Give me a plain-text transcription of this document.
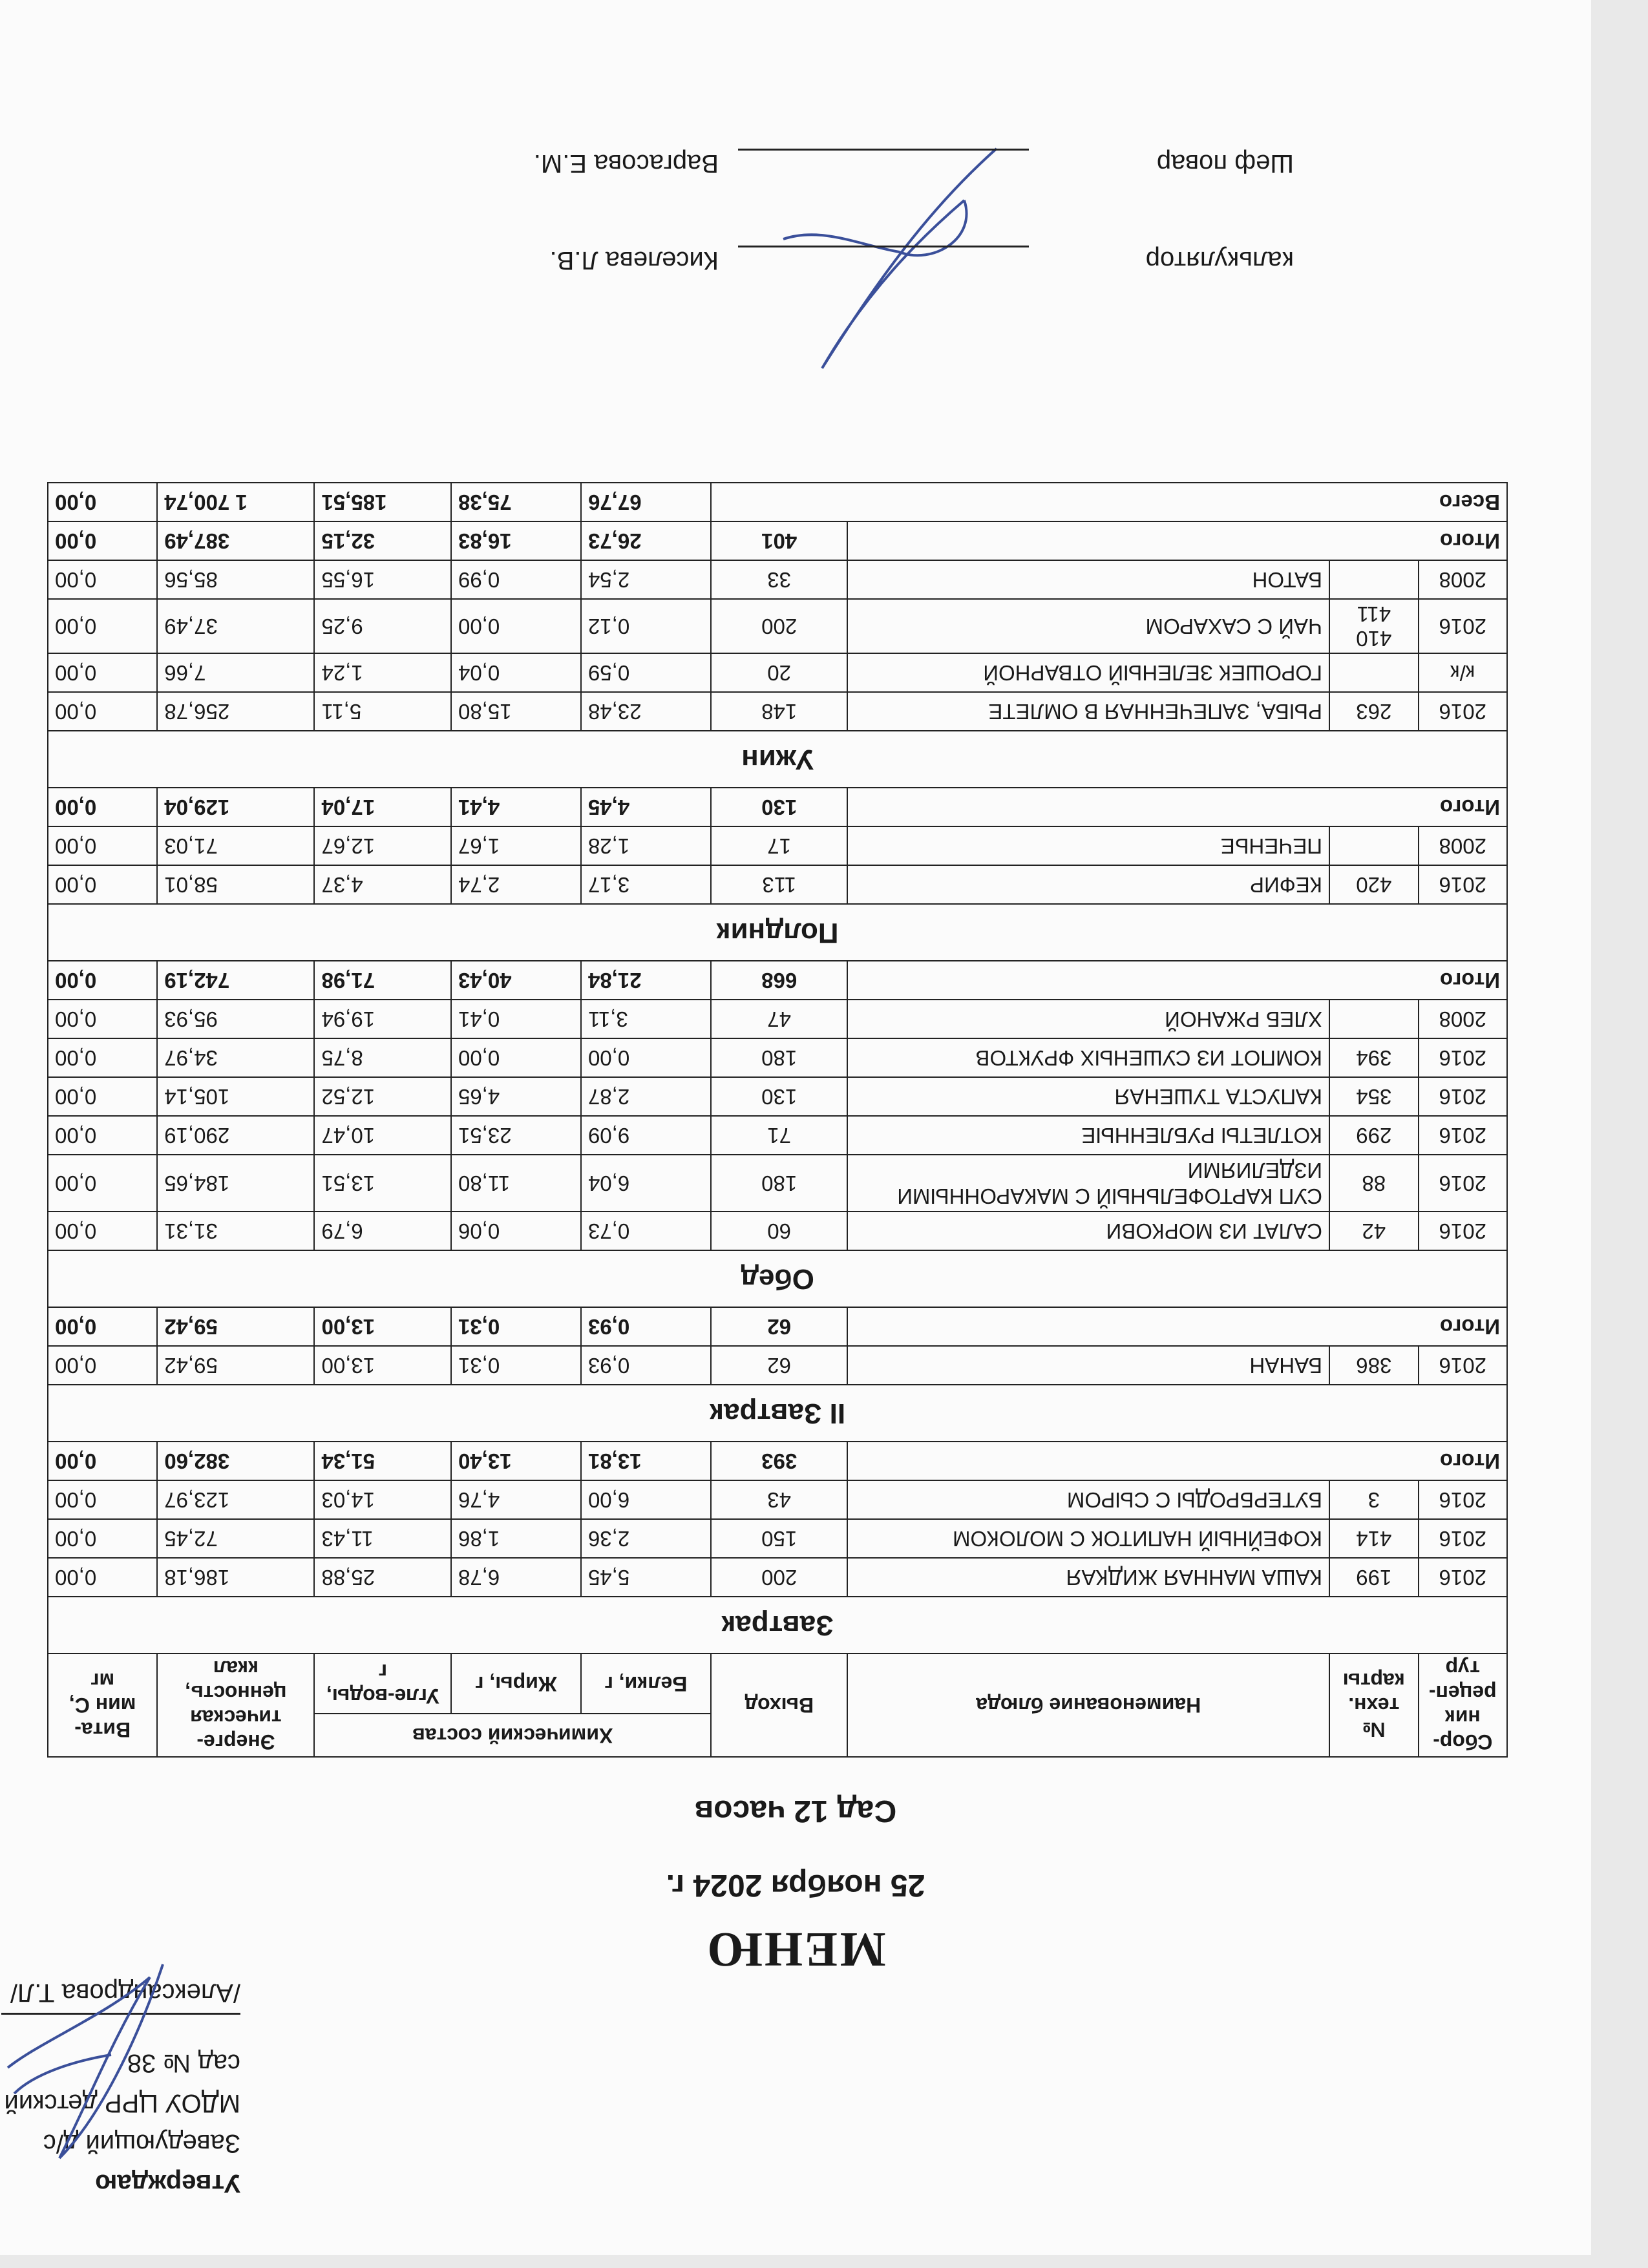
Утверждаю
Заведующий д/с
МДОУ ЦРР детский сад № 38
/Александрова Т.Л/
МЕНЮ
25 ноября 2024 г.
Сад 12 часов
Сбор-ник рецеп-тур	№ техн. карты	Наименование блюда	Выход	Химический состав			Энерге-тическая ценность, ккал	Вита-мин С, мг
				Белки, г	Жиры, г	Угле-воды, г		
Завтрак								
2016	199	КАША МАННАЯ ЖИДКАЯ	200	5,45	6,78	25,88	186,18	0,00
2016	414	КОФЕЙНЫЙ НАПИТОК С МОЛОКОМ	150	2,36	1,86	11,43	72,45	0,00
2016	3	БУТЕРБРОДЫ С СЫРОМ	43	6,00	4,76	14,03	123,97	0,00
Итого			393	13,81	13,40	51,34	382,60	0,00
II Завтрак								
2016	386	БАНАН	62	0,93	0,31	13,00	59,42	0,00
Итого			62	0,93	0,31	13,00	59,42	0,00
Обед								
2016	42	САЛАТ ИЗ МОРКОВИ	60	0,73	0,06	6,79	31,31	0,00
2016	88	СУП КАРТОФЕЛЬНЫЙ С МАКАРОННЫМИ ИЗДЕЛИЯМИ	180	6,04	11,80	13,51	184,65	0,00
2016	299	КОТЛЕТЫ РУБЛЕННЫЕ	71	9,09	23,51	10,47	290,19	0,00
2016	354	КАПУСТА ТУШЕНАЯ	130	2,87	4,65	12,52	105,14	0,00
2016	394	КОМПОТ ИЗ СУШЕНЫХ ФРУКТОВ	180	0,00	0,00	8,75	34,97	0,00
2008		ХЛЕБ РЖАНОЙ	47	3,11	0,41	19,94	95,93	0,00
Итого			668	21,84	40,43	71,98	742,19	0,00
Полдник								
2016	420	КЕФИР	113	3,17	2,74	4,37	58,01	0,00
2008		ПЕЧЕНЬЕ	17	1,28	1,67	12,67	71,03	0,00
Итого			130	4,45	4,41	17,04	129,04	0,00
Ужин								
2016	263	РЫБА, ЗАПЕЧЕННАЯ В ОМЛЕТЕ	148	23,48	15,80	5,11	256,78	0,00
к/к		ГОРОШЕК ЗЕЛЕНЫЙ ОТВАРНОЙ	20	0,59	0,04	1,24	7,66	0,00
2016	410 411	ЧАЙ С САХАРОМ	200	0,12	0,00	9,25	37,49	0,00
2008		БАТОН	33	2,54	0,99	16,55	85,56	0,00
Итого			401	26,73	16,83	32,15	387,49	0,00
Всего				67,76	75,38	185,51	1 700,74	0,00
калькулятор
Киселева Л.В.
Шеф повар
Варгасова Е.М.
